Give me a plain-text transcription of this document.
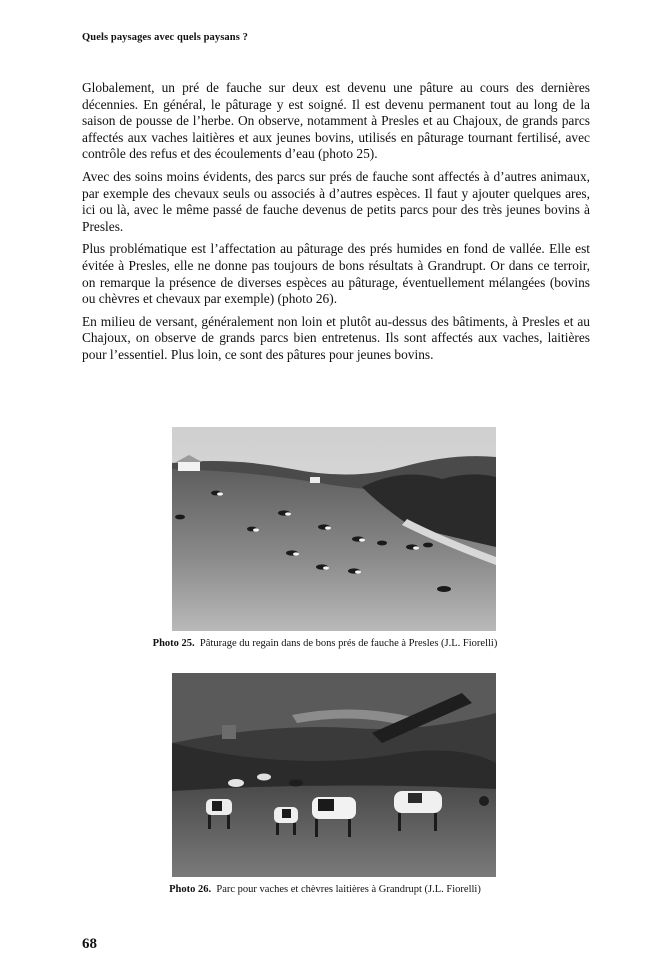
Quels paysages avec quels paysans ?

Globalement, un pré de fauche sur deux est devenu une pâture au cours des dernières décennies. En général, le pâturage y est soigné. Il est devenu permanent tout au long de la saison de pousse de l’herbe. On observe, notamment à Presles et au Chajoux, de grands parcs affectés aux vaches laitières et aux jeunes bovins, utilisés en pâturage tournant fertilisé, avec contrôle des refus et des écoulements d’eau (photo 25).

Avec des soins moins évidents, des parcs sur prés de fauche sont affectés à d’autres animaux, par exemple des chevaux seuls ou associés à d’autres espèces. Il faut y ajouter quelques ares, ici ou là, avec le même passé de fauche devenus de petits parcs pour des très jeunes bovins à Presles.

Plus problématique est l’affectation au pâturage des prés humides en fond de vallée. Elle est évitée à Presles, elle ne donne pas toujours de bons résultats à Grandrupt. Or dans ce terroir, on remarque la présence de diverses espèces au pâturage, éventuellement mélangées (bovins ou chèvres et chevaux par exemple) (photo 26).

En milieu de versant, généralement non loin et plutôt au-dessus des bâtiments, à Presles et au Chajoux, on observe de grands parcs bien entretenus. Ils sont affectés aux vaches, laitières pour l’essentiel. Plus loin, ce sont des pâtures pour jeunes bovins.

Photo 25. Pâturage du regain dans de bons prés de fauche à Presles (J.L. Fiorelli)
Photo 26. Parc pour vaches et chèvres laitières à Grandrupt (J.L. Fiorelli)
68
